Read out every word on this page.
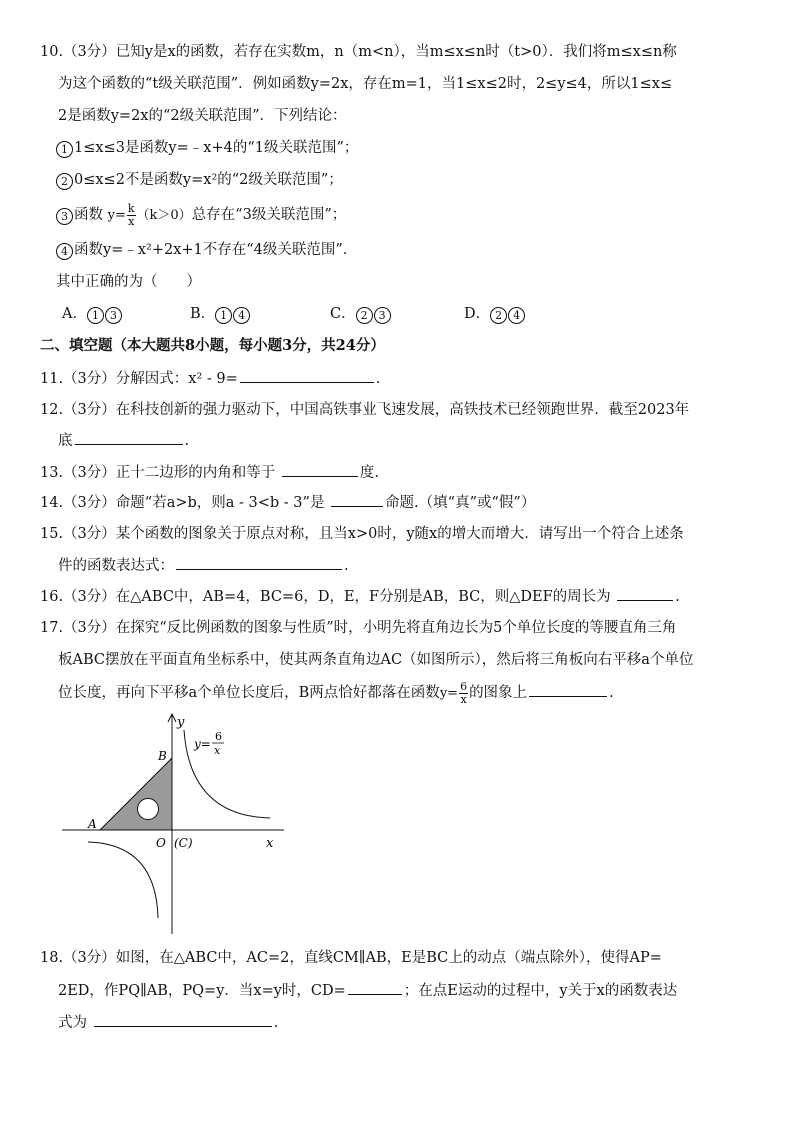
10.（3分）已知y是x的函数，若存在实数m，n（m<n），当m≤x≤n时（t>0）．我们将m≤x≤n称
为这个函数的“t级关联范围”．例如函数y=2x，存在m=1，当1≤x≤2时，2≤y≤4，所以1≤x≤
2是函数y=2x的“2级关联范围”．下列结论：
1 1≤x≤3是函数y=﹣x+4的“1级关联范围”；
2 0≤x≤2不是函数y=x²的“2级关联范围”；
3 函数 $y= \frac{k}{x} (k>0)$总存在“3级关联范围”；
4 函数y=﹣x²+2x+1不存在“4级关联范围”．
其中正确的为（　　）
A． 1 3	B． 1 4	C． 2 3	D． 2 4
二、填空题（本大题共8小题，每小题3分，共24分）
11.（3分）分解因式：x² - 9=	.
12.（3分）在科技创新的强力驱动下，中国高铁事业飞速发展，高铁技术已经领跑世界．截至2023年
底	.
13.（3分）正十二边形的内角和等于	度.
14.（3分）命题“若a>b，则a - 3<b - 3”是	命题.（填“真”或“假”）
15.（3分）某个函数的图象关于原点对称，且当x>0时，y随x的增大而增大．请写出一个符合上述条
件的函数表达式：	.
16.（3分）在△ABC中，AB=4，BC=6，D，E，F分别是AB，BC，则△DEF的周长为	.
17.（3分）在探究“反比例函数的图象与性质”时，小明先将直角边长为5个单位长度的等腰直角三角
板ABC摆放在平面直角坐标系中，使其两条直角边AC（如图所示），然后将三角板向右平移a个单位
位长度，再向下平移a个单位长度后，B两点恰好都落在函数$y= \frac{6}{x}$ 的图象上	.
y
y=
6
x
B
A
O (C)	x
18.（3分）如图，在△ABC中，AC=2，直线CM∥AB，E是BC上的动点（端点除外），使得AP=
2ED，作PQ∥AB，PQ=y．当x=y时，CD=	；在点E运动的过程中，y关于x的函数表达
式为	.
